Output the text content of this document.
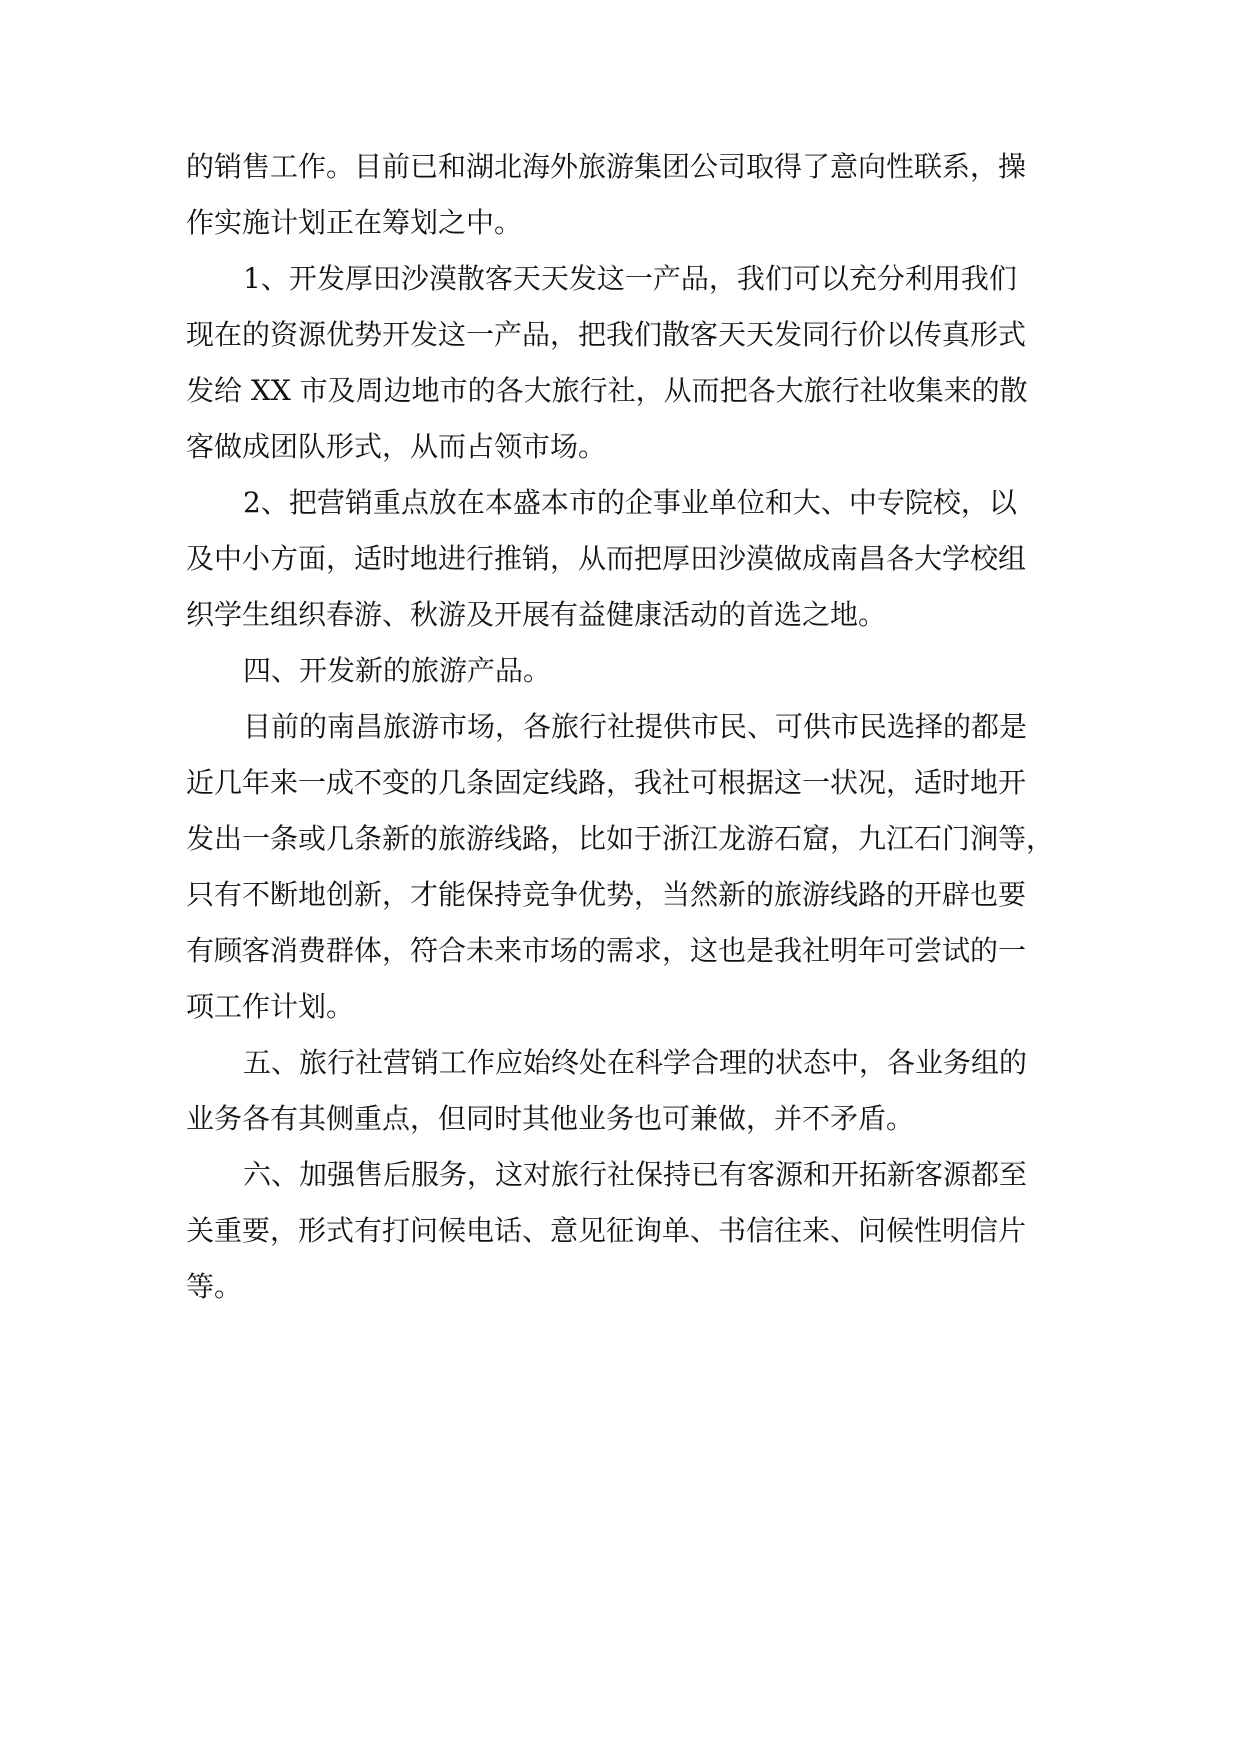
的销售工作。目前已和湖北海外旅游集团公司取得了意向性联系，操
作实施计划正在筹划之中。
1、开发厚田沙漠散客天天发这一产品，我们可以充分利用我们
现在的资源优势开发这一产品，把我们散客天天发同行价以传真形式
发给 XX 市及周边地市的各大旅行社，从而把各大旅行社收集来的散
客做成团队形式，从而占领市场。
2、把营销重点放在本盛本市的企事业单位和大、中专院校，以
及中小方面，适时地进行推销，从而把厚田沙漠做成南昌各大学校组
织学生组织春游、秋游及开展有益健康活动的首选之地。
四、开发新的旅游产品。
目前的南昌旅游市场，各旅行社提供市民、可供市民选择的都是
近几年来一成不变的几条固定线路，我社可根据这一状况，适时地开
发出一条或几条新的旅游线路，比如于浙江龙游石窟，九江石门涧等，
只有不断地创新，才能保持竞争优势，当然新的旅游线路的开辟也要
有顾客消费群体，符合未来市场的需求，这也是我社明年可尝试的一
项工作计划。
五、旅行社营销工作应始终处在科学合理的状态中，各业务组的
业务各有其侧重点，但同时其他业务也可兼做，并不矛盾。
六、加强售后服务，这对旅行社保持已有客源和开拓新客源都至
关重要，形式有打问候电话、意见征询单、书信往来、问候性明信片
等。
